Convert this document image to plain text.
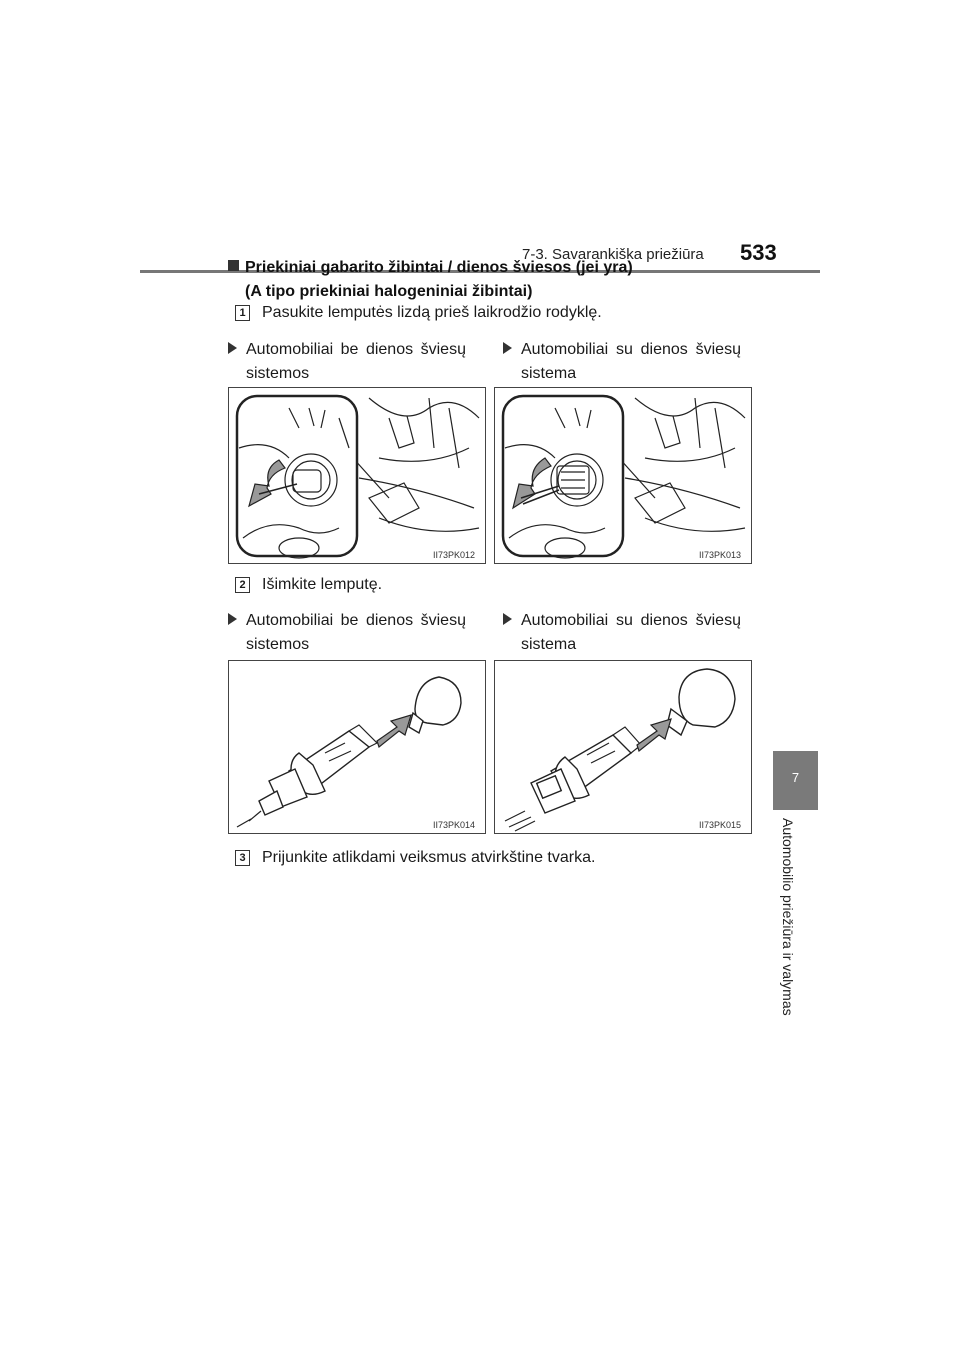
7-3. Savarankiška priežiūra 533
7
Automobilio priežiūra ir valymas
Priekiniai gabarito žibintai / dienos šviesos (jei yra)
(A tipo priekiniai halogeniniai žibintai)
1 Pasukite lemputės lizdą prieš laikrodžio rodyklę.
Automobiliai be dienos šviesų
sistemos
Automobiliai su dienos šviesų
sistema
II73PK012	II73PK013
2 Išimkite lemputę.
Automobiliai be dienos šviesų
sistemos
Automobiliai su dienos šviesų
sistema
II73PK014	II73PK015
3 Prijunkite atlikdami veiksmus atvirkštine tvarka.
